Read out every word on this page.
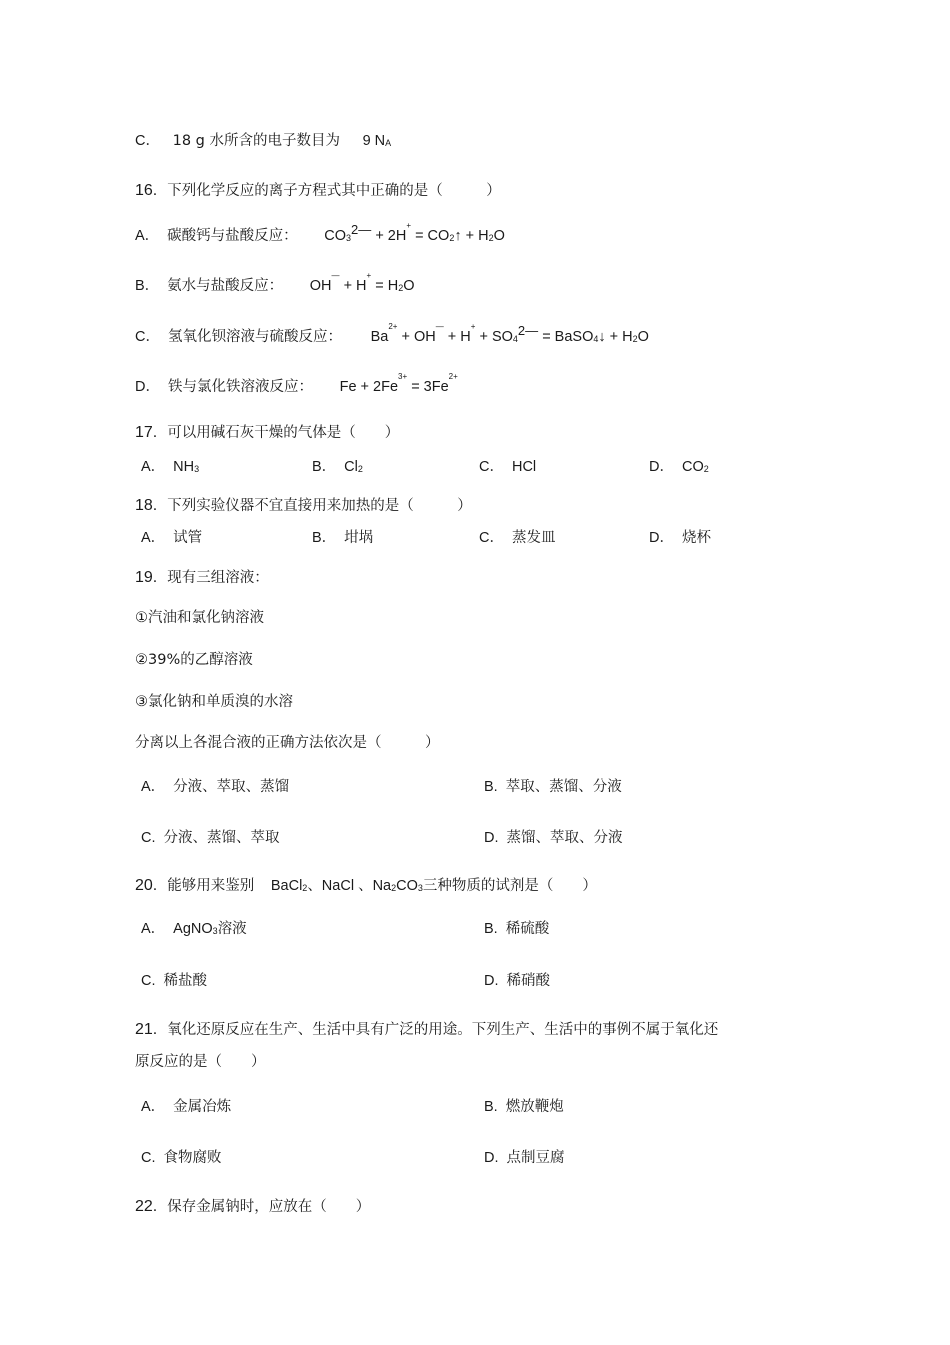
C． 18 g 水所含的电子数目为 9 NA
16. 下列化学反应的离子方程式其中正确的是（　　　）
A． 碳酸钙与盐酸反应： CO32— + 2H+ = CO2↑ + H2O
B． 氨水与盐酸反应： OH— + H+ = H2O
C． 氢氧化钡溶液与硫酸反应： $Ba^{2+} + OH^— + H^+$ + SO42— = BaSO4↓ + H2O
D． 铁与氯化铁溶液反应： $Fe + 2Fe^{3+} = 3Fe^{2+}$
17. 可以用碱石灰干燥的气体是（　　）
A． NH3	B． Cl2	C． HCl	D． CO2
18. 下列实验仪器不宜直接用来加热的是（　　　）
A． 试管	B． 坩埚	C． 蒸发皿	D． 烧杯
19. 现有三组溶液：
①汽油和氯化钠溶液
②39%的乙醇溶液
③氯化钠和单质溴的水溶
分离以上各混合液的正确方法依次是（　　　）
A． 分液、萃取、蒸馏	B. 萃取、蒸馏、分液
C. 分液、蒸馏、萃取	D. 蒸馏、萃取、分液
20. 能够用来鉴别 BaCl2、NaCl 、Na2CO3三种物质的试剂是（　　）
A． AgNO3溶液	B. 稀硫酸
C. 稀盐酸	D. 稀硝酸
21. 氧化还原反应在生产、生活中具有广泛的用途。下列生产、生活中的事例不属于氧化还
原反应的是（　　）
A． 金属冶炼	B. 燃放鞭炮
C. 食物腐败	D. 点制豆腐
22. 保存金属钠时，应放在（　　）
